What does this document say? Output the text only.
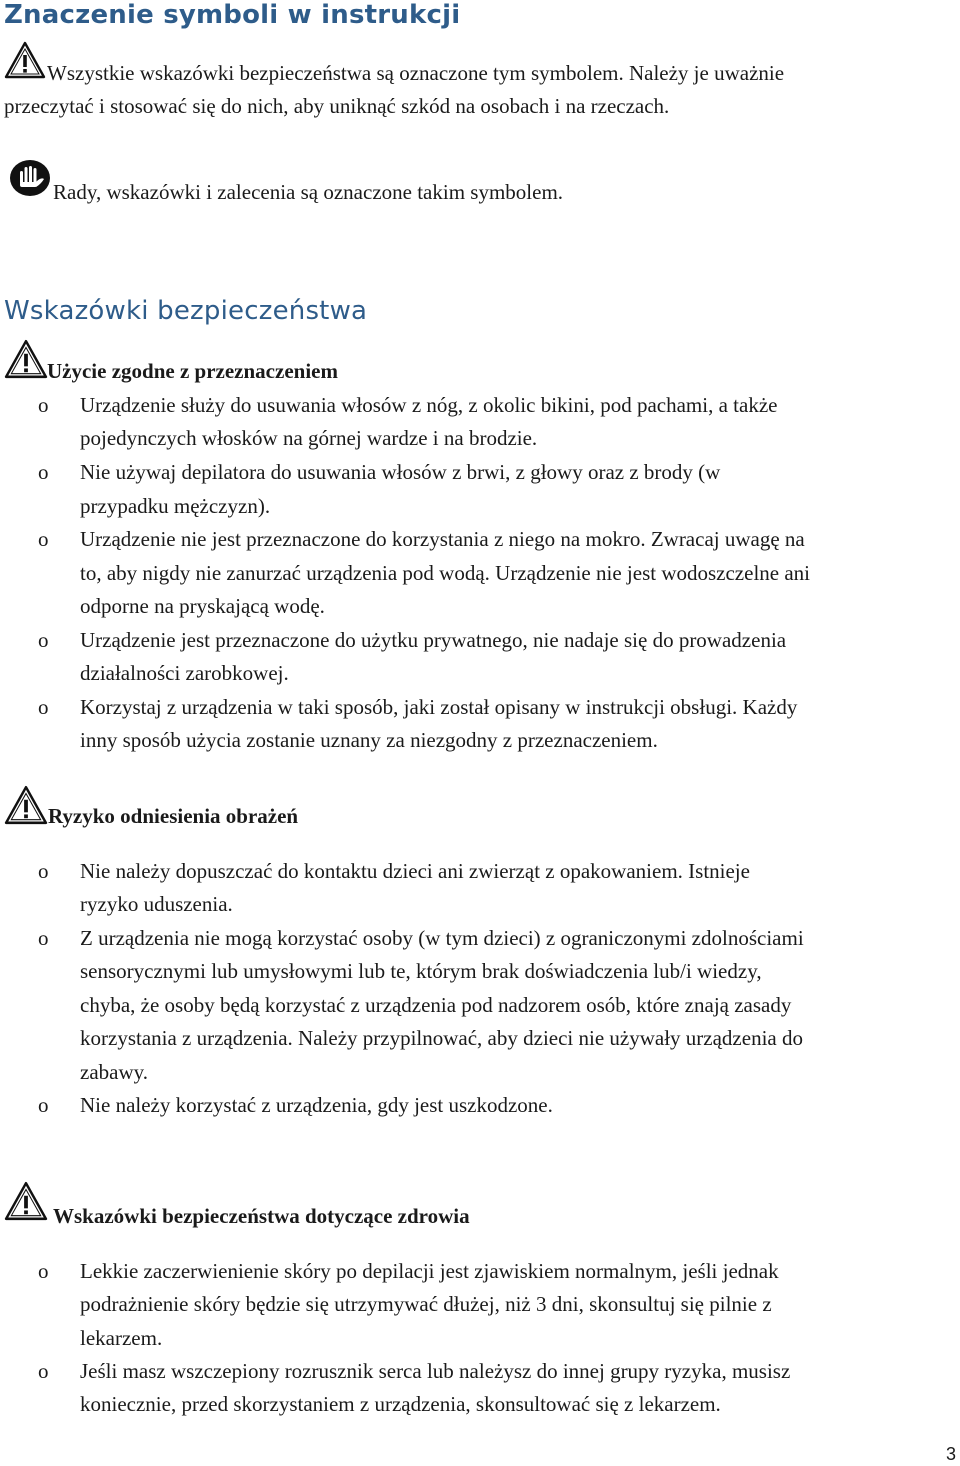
Znaczenie symboli w instrukcji
Wszystkie wskazówki bezpieczeństwa są oznaczone tym symbolem. Należy je uważnie
przeczytać i stosować się do nich, aby uniknąć szkód na osobach i na rzeczach.
Rady, wskazówki i zalecenia są oznaczone takim symbolem.
Wskazówki bezpieczeństwa
Użycie zgodne z przeznaczeniem
o Urządzenie służy do usuwania włosów z nóg, z okolic bikini, pod pachami, a także
pojedynczych włosków na górnej wardze i na brodzie.
o Nie używaj depilatora do usuwania włosów z brwi, z głowy oraz z brody (w
przypadku mężczyzn).
o Urządzenie nie jest przeznaczone do korzystania z niego na mokro. Zwracaj uwagę na
to, aby nigdy nie zanurzać urządzenia pod wodą. Urządzenie nie jest wodoszczelne ani
odporne na pryskającą wodę.
o Urządzenie jest przeznaczone do użytku prywatnego, nie nadaje się do prowadzenia
działalności zarobkowej.
o Korzystaj z urządzenia w taki sposób, jaki został opisany w instrukcji obsługi. Każdy
inny sposób użycia zostanie uznany za niezgodny z przeznaczeniem.
Ryzyko odniesienia obrażeń
o Nie należy dopuszczać do kontaktu dzieci ani zwierząt z opakowaniem. Istnieje
ryzyko uduszenia.
o Z urządzenia nie mogą korzystać osoby (w tym dzieci) z ograniczonymi zdolnościami
sensorycznymi lub umysłowymi lub te, którym brak doświadczenia lub/i wiedzy,
chyba, że osoby będą korzystać z urządzenia pod nadzorem osób, które znają zasady
korzystania z urządzenia. Należy przypilnować, aby dzieci nie używały urządzenia do
zabawy.
o Nie należy korzystać z urządzenia, gdy jest uszkodzone.
Wskazówki bezpieczeństwa dotyczące zdrowia
o Lekkie zaczerwienienie skóry po depilacji jest zjawiskiem normalnym, jeśli jednak
podrażnienie skóry będzie się utrzymywać dłużej, niż 3 dni, skonsultuj się pilnie z
lekarzem.
o Jeśli masz wszczepiony rozrusznik serca lub należysz do innej grupy ryzyka, musisz
koniecznie, przed skorzystaniem z urządzenia, skonsultować się z lekarzem.
3
